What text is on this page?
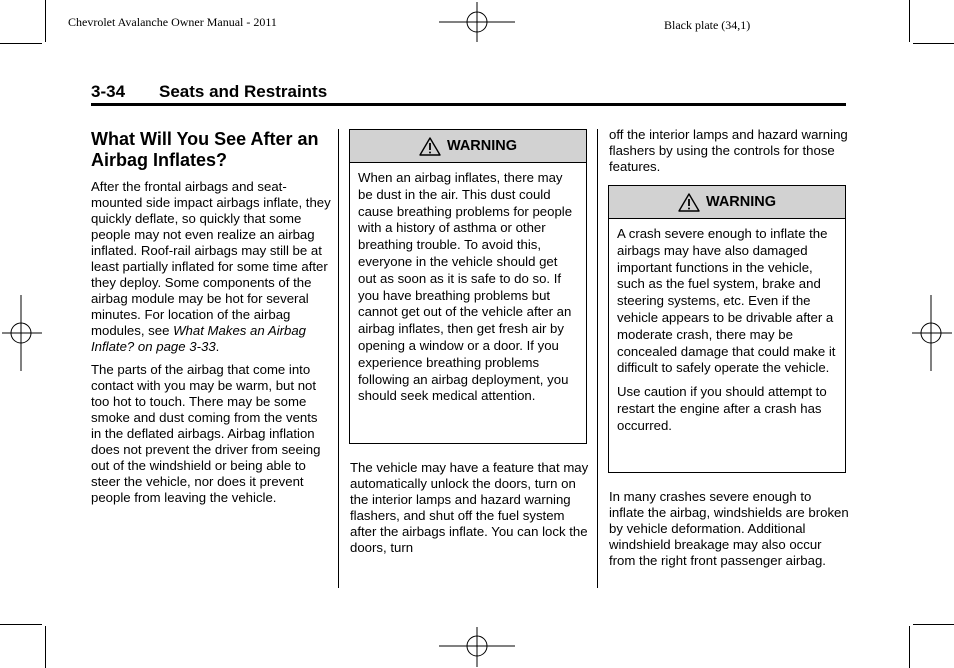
Chevrolet Avalanche Owner Manual - 2011	Black plate (34,1)
3-34 Seats and Restraints
What Will You See After an Airbag Inflates?

After the frontal airbags and seat-mounted side impact airbags inflate, they quickly deflate, so quickly that some people may not even realize an airbag inflated. Roof-rail airbags may still be at least partially inflated for some time after they deploy. Some components of the airbag module may be hot for several minutes. For location of the airbag modules, see What Makes an Airbag Inflate? on page 3-33.

The parts of the airbag that come into contact with you may be warm, but not too hot to touch. There may be some smoke and dust coming from the vents in the deflated airbags. Airbag inflation does not prevent the driver from seeing out of the windshield or being able to steer the vehicle, nor does it prevent people from leaving the vehicle.

WARNING

When an airbag inflates, there may be dust in the air. This dust could cause breathing problems for people with a history of asthma or other breathing trouble. To avoid this, everyone in the vehicle should get out as soon as it is safe to do so. If you have breathing problems but cannot get out of the vehicle after an airbag inflates, then get fresh air by opening a window or a door. If you experience breathing problems following an airbag deployment, you should seek medical attention.

The vehicle may have a feature that may automatically unlock the doors, turn on the interior lamps and hazard warning flashers, and shut off the fuel system after the airbags inflate. You can lock the doors, turn

off the interior lamps and hazard warning flashers by using the controls for those features.

WARNING

A crash severe enough to inflate the airbags may have also damaged important functions in the vehicle, such as the fuel system, brake and steering systems, etc. Even if the vehicle appears to be drivable after a moderate crash, there may be concealed damage that could make it difficult to safely operate the vehicle.

Use caution if you should attempt to restart the engine after a crash has occurred.

In many crashes severe enough to inflate the airbag, windshields are broken by vehicle deformation. Additional windshield breakage may also occur from the right front passenger airbag.
